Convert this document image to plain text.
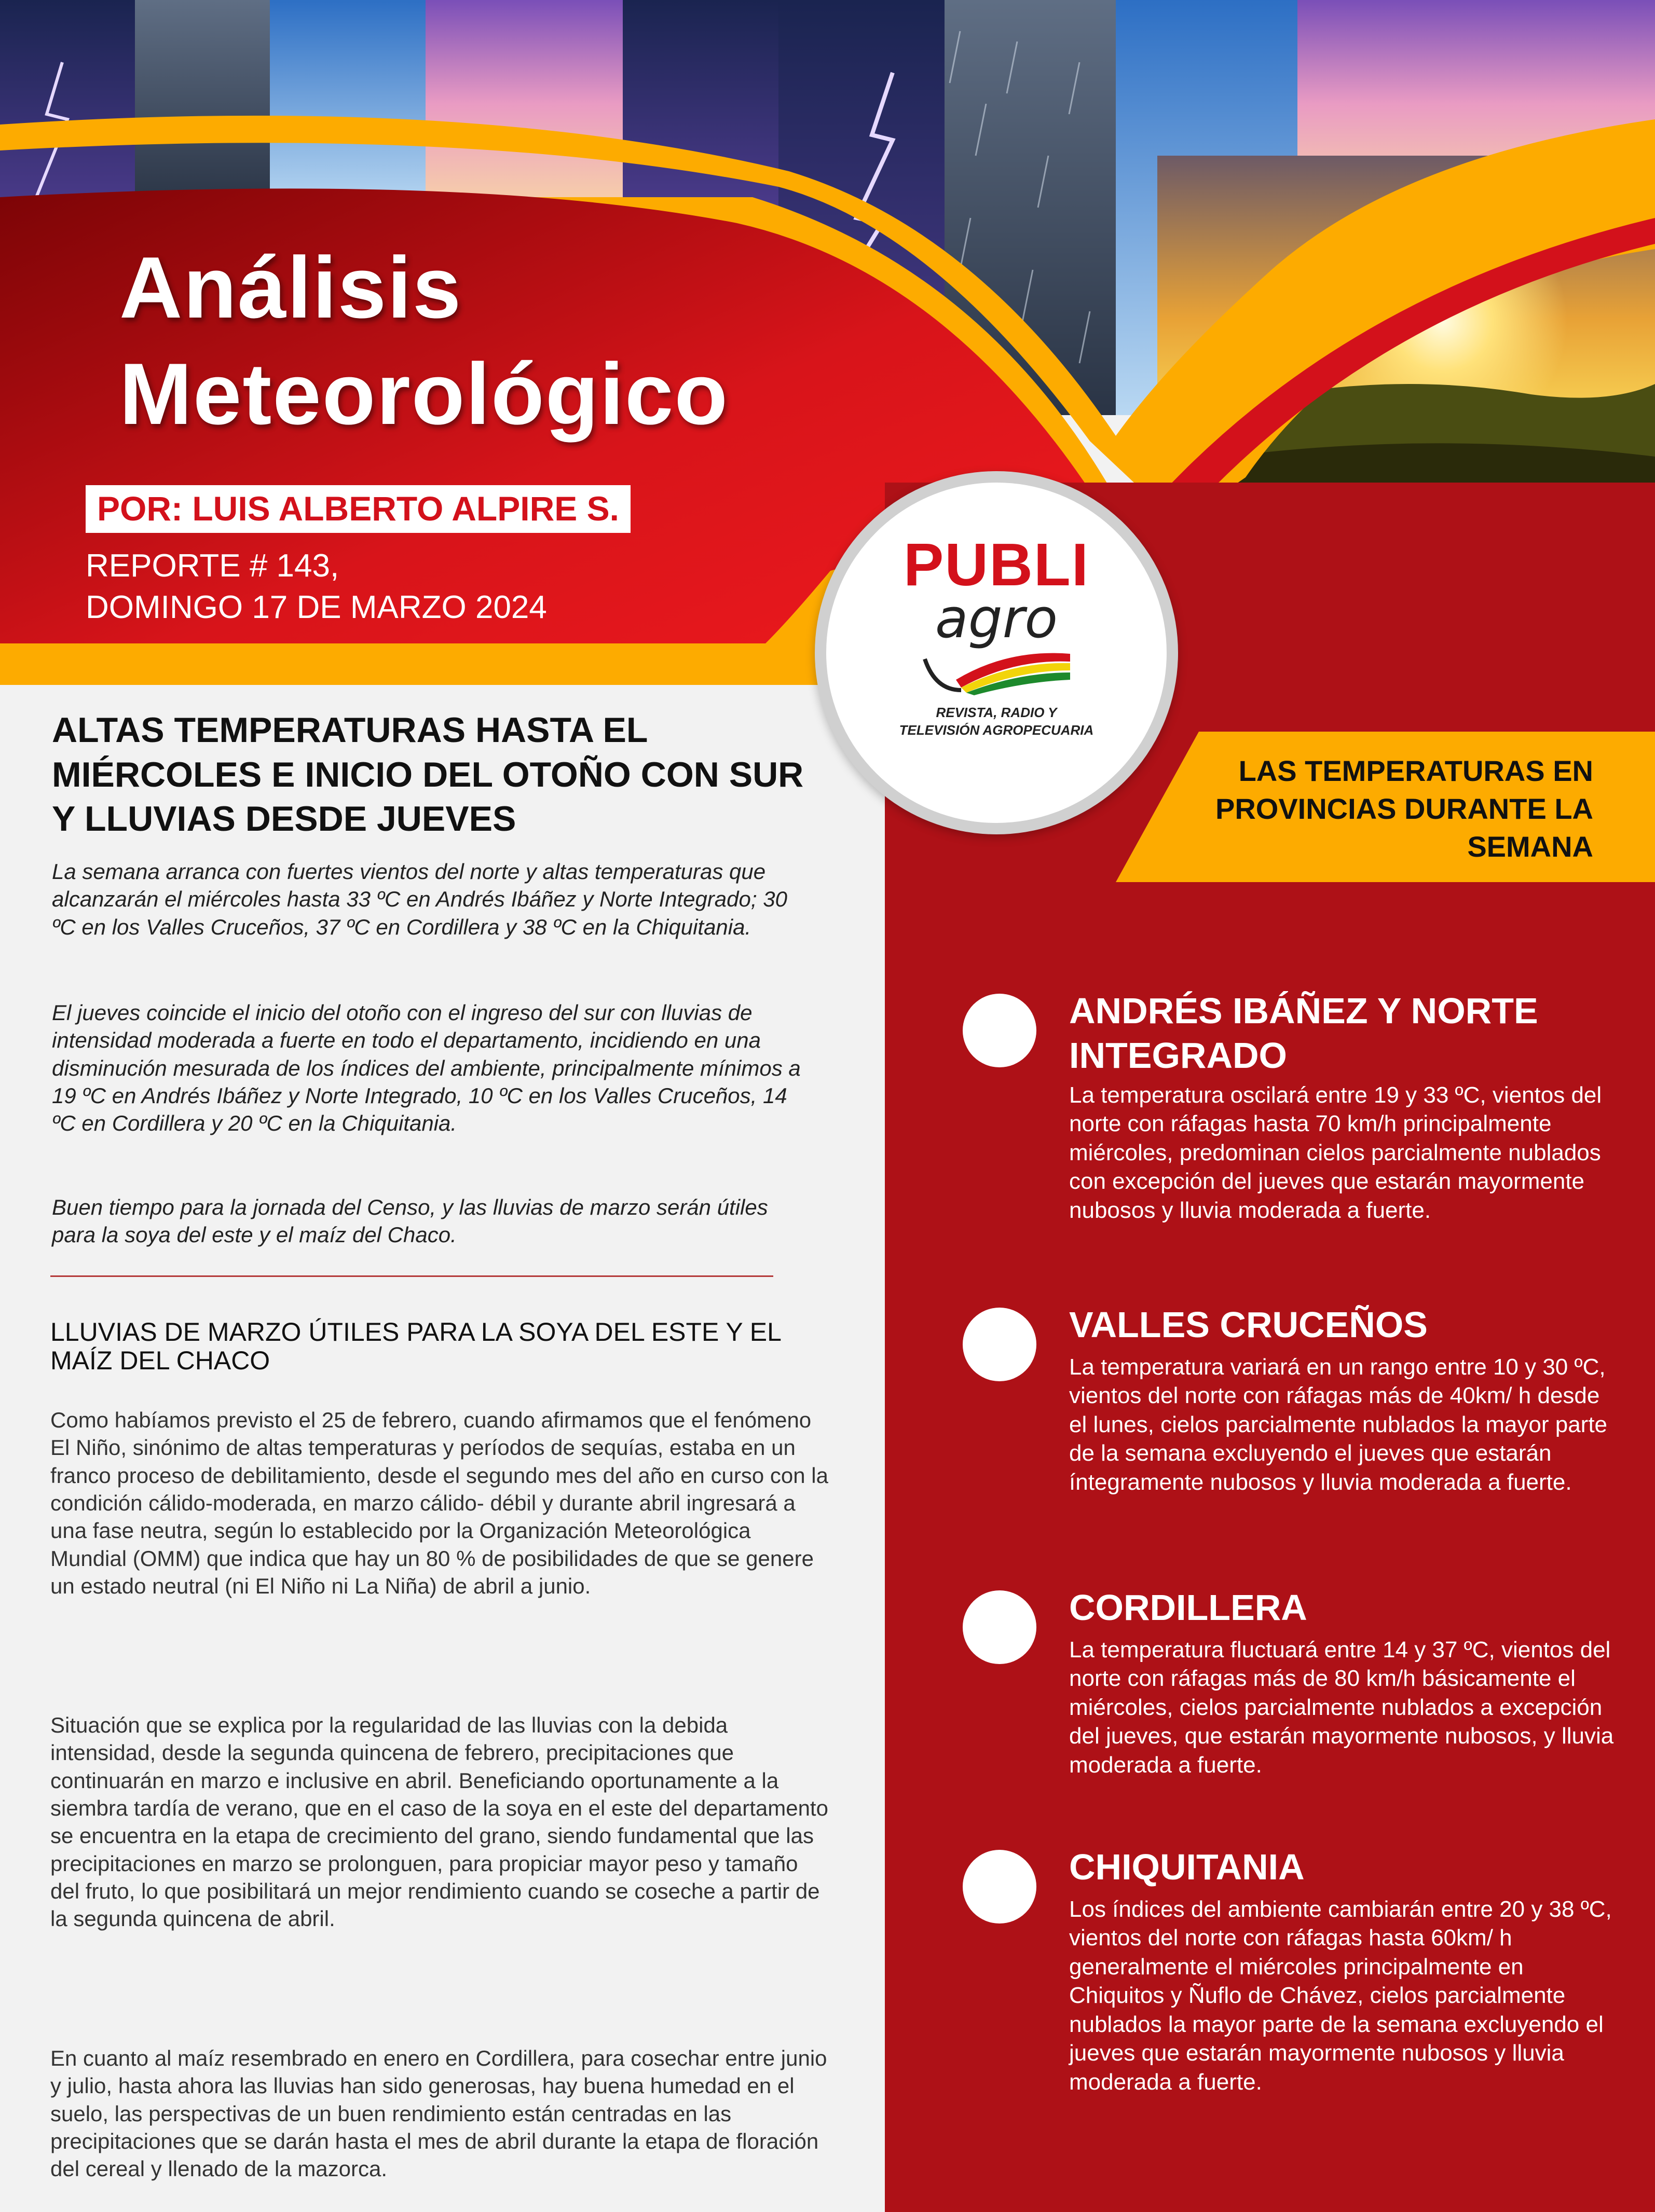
Análisis
Meteorológico
POR: LUIS ALBERTO ALPIRE S.
REPORTE # 143,
DOMINGO 17 DE MARZO 2024
LAS TEMPERATURAS EN PROVINCIAS DURANTE LA SEMANA
ANDRÉS IBÁÑEZ Y NORTE INTEGRADO
La temperatura oscilará entre 19 y 33 ºC, vientos del norte con ráfagas hasta 70 km/h principalmente miércoles, predominan cielos parcialmente nublados con excepción del jueves que estarán mayormente nubosos y lluvia moderada a fuerte.
VALLES CRUCEÑOS
La temperatura variará en un rango entre 10 y 30 ºC, vientos del norte con ráfagas más de 40km/ h desde el lunes, cielos parcialmente nublados la mayor parte de la semana excluyendo el jueves que estarán íntegramente nubosos y lluvia moderada a fuerte.
CORDILLERA
La temperatura fluctuará entre 14 y 37 ºC, vientos del norte con ráfagas más de 80 km/h básicamente el miércoles, cielos parcialmente nublados a excepción del jueves, que estarán mayormente nubosos, y lluvia moderada a fuerte.
CHIQUITANIA
Los índices del ambiente cambiarán entre 20 y 38 ºC, vientos del norte con ráfagas hasta 60km/ h generalmente el miércoles principalmente en Chiquitos y Ñuflo de Chávez, cielos parcialmente nublados la mayor parte de la semana excluyendo el jueves que estarán mayormente nubosos y lluvia moderada a fuerte.
PUBLI
agro
REVISTA, RADIO Y
TELEVISIÓN AGROPECUARIA
ALTAS TEMPERATURAS HASTA EL MIÉRCOLES E INICIO DEL OTOÑO CON SUR Y LLUVIAS DESDE JUEVES
La semana arranca con fuertes vientos del norte y altas temperaturas que alcanzarán el miércoles hasta 33 ºC en Andrés Ibáñez y Norte Integrado; 30 ºC en los Valles Cruceños, 37 ºC en Cordillera y 38 ºC en la Chiquitania.
El jueves coincide el inicio del otoño con el ingreso del sur con lluvias de intensidad moderada a fuerte en todo el departamento, incidiendo en una disminución mesurada de los índices del ambiente, principalmente mínimos a 19 ºC en Andrés Ibáñez y Norte Integrado, 10 ºC en los Valles Cruceños, 14 ºC en Cordillera y 20 ºC en la Chiquitania.
Buen tiempo para la jornada del Censo, y las lluvias de marzo serán útiles para la soya del este y el maíz del Chaco.
LLUVIAS DE MARZO ÚTILES PARA LA SOYA DEL ESTE Y EL MAÍZ DEL CHACO
Como habíamos previsto el 25 de febrero, cuando afirmamos que el fenómeno El Niño, sinónimo de altas temperaturas y períodos de sequías, estaba en un franco proceso de debilitamiento, desde el segundo mes del año en curso con la condición cálido-moderada, en marzo cálido- débil y durante abril ingresará a una fase neutra, según lo establecido por la Organización Meteorológica Mundial (OMM) que indica que hay un 80 % de posibilidades de que se genere un estado neutral (ni El Niño ni La Niña) de abril a junio.
Situación que se explica por la regularidad de las lluvias con la debida intensidad, desde la segunda quincena de febrero, precipitaciones que continuarán en marzo e inclusive en abril. Beneficiando oportunamente a la siembra tardía de verano, que en el caso de la soya en el este del departamento se encuentra en la etapa de crecimiento del grano, siendo fundamental que las precipitaciones en marzo se prolonguen, para propiciar mayor peso y tamaño del fruto, lo que posibilitará un mejor rendimiento cuando se coseche a partir de la segunda quincena de abril.
En cuanto al maíz resembrado en enero en Cordillera, para cosechar entre junio y julio, hasta ahora las lluvias han sido generosas, hay buena humedad en el suelo, las perspectivas de un buen rendimiento están centradas en las precipitaciones que se darán hasta el mes de abril durante la etapa de floración del cereal y llenado de la mazorca.
